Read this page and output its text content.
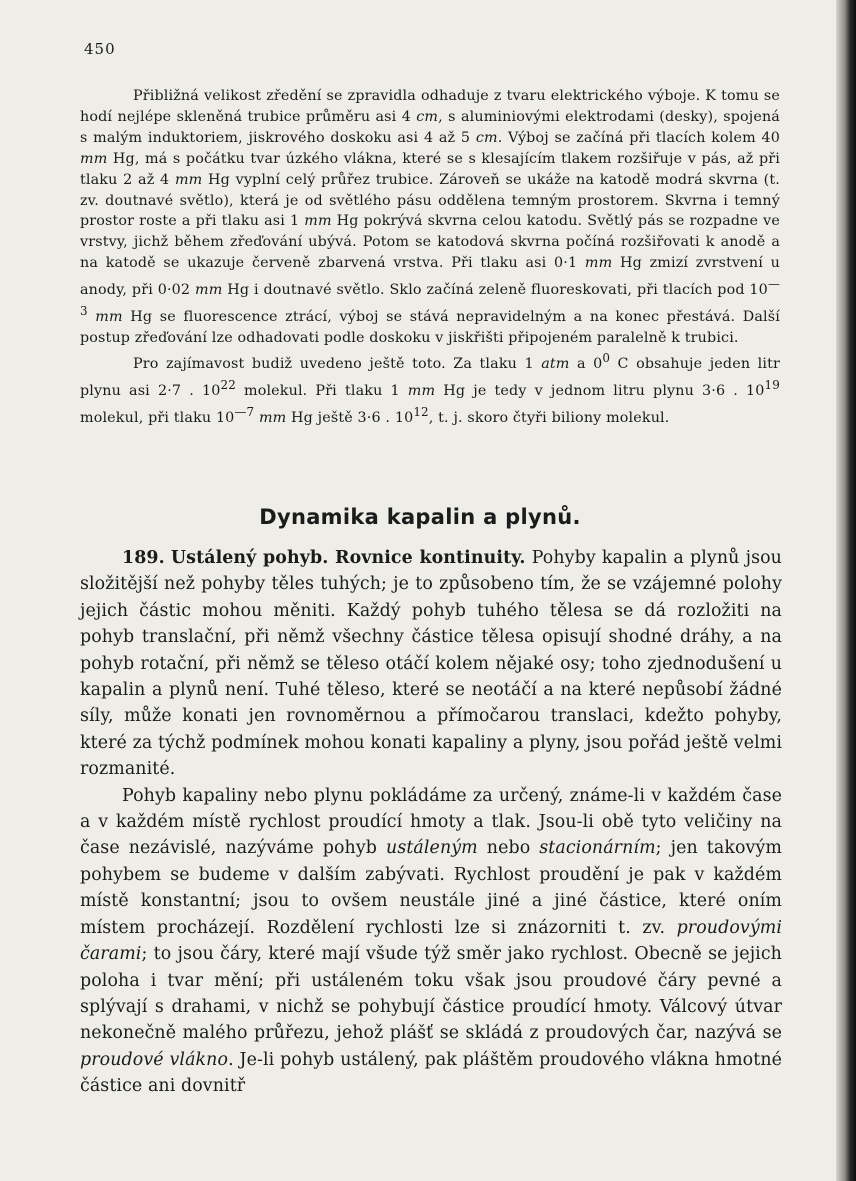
450

Přibližná velikost zředění se zpravidla odhaduje z tvaru elektrického výboje. K tomu se hodí nejlépe skleněná trubice průměru asi 4 cm, s aluminiovými elektrodami (desky), spojená s malým induktoriem, jiskrového doskoku asi 4 až 5 cm. Výboj se začíná při tlacích kolem 40 mm Hg, má s počátku tvar úzkého vlákna, které se s klesajícím tlakem rozšiřuje v pás, až při tlaku 2 až 4 mm Hg vyplní celý průřez trubice. Zároveň se ukáže na katodě modrá skvrna (t. zv. doutnavé světlo), která je od světlého pásu oddělena temným prostorem. Skvrna i temný prostor roste a při tlaku asi 1 mm Hg pokrývá skvrna celou katodu. Světlý pás se rozpadne ve vrstvy, jichž během zřeďování ubývá. Potom se katodová skvrna počíná rozšiřovati k anodě a na katodě se ukazuje červeně zbarvená vrstva. Při tlaku asi 0·1 mm Hg zmizí zvrstvení u anody, při 0·02 mm Hg i doutnavé světlo. Sklo začíná zeleně fluoreskovati, při tlacích pod $10^{—3}$ mm Hg se fluorescence ztrácí, výboj se stává nepravidelným a na konec přestává. Další postup zřeďování lze odhadovati podle doskoku v jiskřišti připojeném paralelně k trubici.

Pro zajímavost budiž uvedeno ještě toto. Za tlaku 1 atm a $0^0$ C obsahuje jeden litr plynu asi 2·7 . $10^{22}$ molekul. Při tlaku 1 mm Hg je tedy v jednom litru plynu 3·6 . $10^{19}$ molekul, při tlaku $10^{—7}$ mm Hg ještě 3·6 . $10^{12}$, t. j. skoro čtyři biliony molekul.

Dynamika kapalin a plynů.

189. Ustálený pohyb. Rovnice kontinuity. Pohyby kapalin a plynů jsou složitější než pohyby těles tuhých; je to způsobeno tím, že se vzájemné polohy jejich částic mohou měniti. Každý pohyb tuhého tělesa se dá rozložiti na pohyb translační, při němž všechny částice tělesa opisují shodné dráhy, a na pohyb rotační, při němž se těleso otáčí kolem nějaké osy; toho zjednodušení u kapalin a plynů není. Tuhé těleso, které se neotáčí a na které nepůsobí žádné síly, může konati jen rovnoměrnou a přímočarou translaci, kdežto pohyby, které za týchž podmínek mohou konati kapaliny a plyny, jsou pořád ještě velmi rozmanité.

Pohyb kapaliny nebo plynu pokládáme za určený, známe-li v každém čase a v každém místě rychlost proudící hmoty a tlak. Jsou-li obě tyto veličiny na čase nezávislé, nazýváme pohyb ustáleným nebo stacionárním; jen takovým pohybem se budeme v dalším zabývati. Rychlost proudění je pak v každém místě konstantní; jsou to ovšem neustále jiné a jiné částice, které oním místem procházejí. Rozdělení rychlosti lze si znázorniti t. zv. proudovými čarami; to jsou čáry, které mají všude týž směr jako rychlost. Obecně se jejich poloha i tvar mění; při ustáleném toku však jsou proudové čáry pevné a splývají s drahami, v nichž se pohybují částice proudící hmoty. Válcový útvar nekonečně malého průřezu, jehož plášť se skládá z proudových čar, nazývá se proudové vlákno. Je-li pohyb ustálený, pak pláštěm proudového vlákna hmotné částice ani dovnitř
